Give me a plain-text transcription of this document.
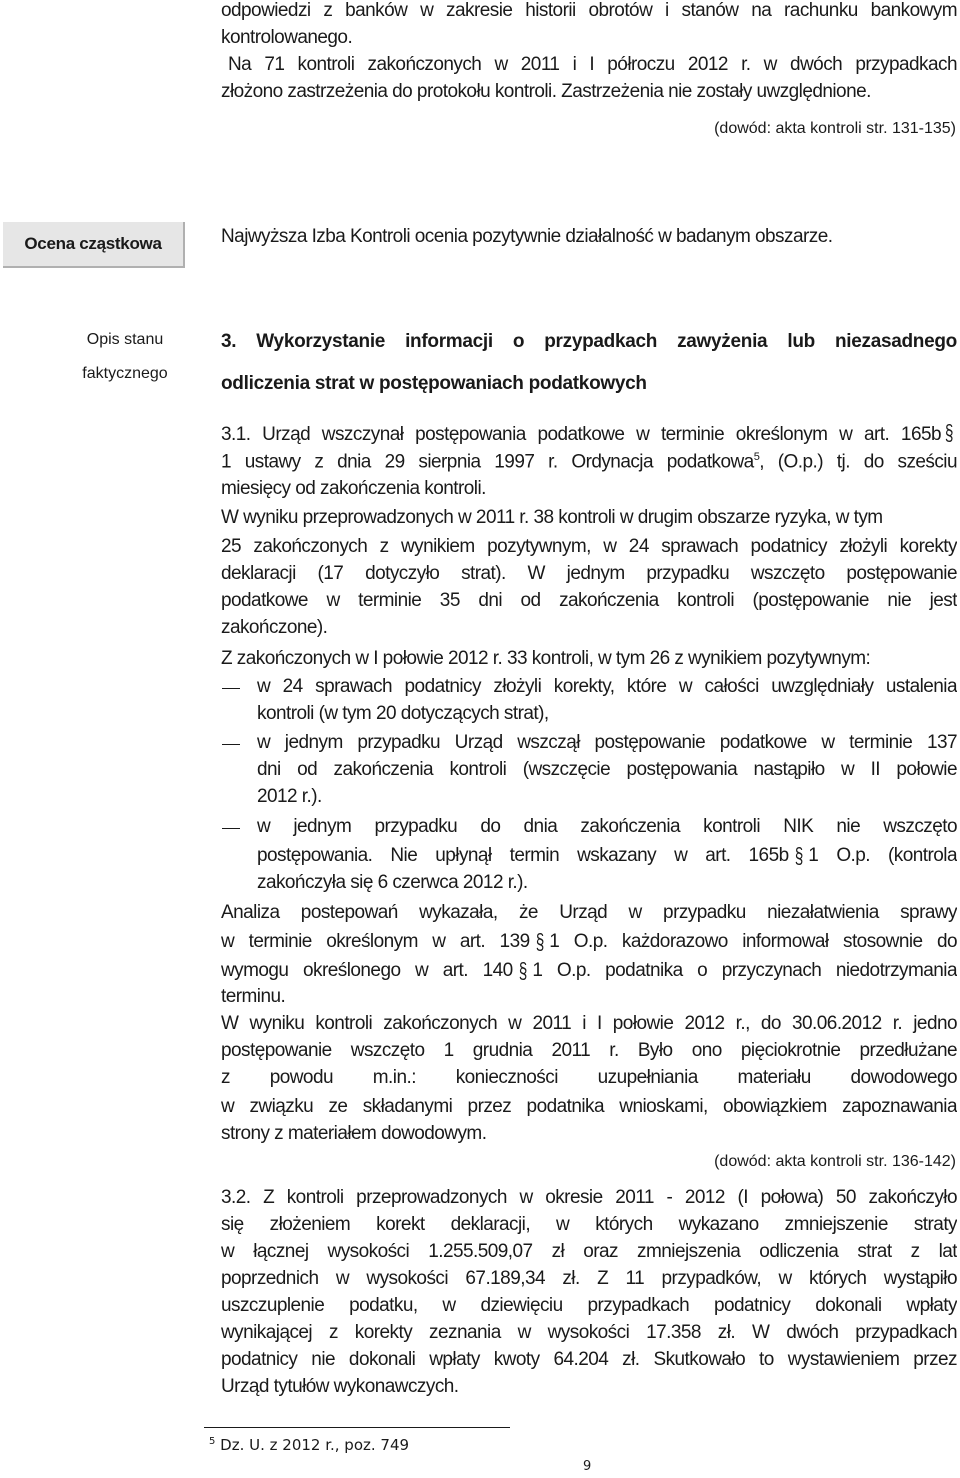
odpowiedzi z banków w zakresie historii obrotów i stanów na rachunku bankowym
kontrolowanego.
Na 71 kontroli zakończonych w 2011 i I półroczu 2012 r. w dwóch przypadkach
złożono zastrzeżenia do protokołu kontroli. Zastrzeżenia nie zostały uwzględnione.
(dowód: akta kontroli str. 131-135)
Ocena cząstkowa	Najwyższa Izba Kontroli ocenia pozytywnie działalność w badanym obszarze.
Opis stanu
faktycznego
3. Wykorzystanie informacji o przypadkach zawyżenia lub niezasadnego
odliczenia strat w postępowaniach podatkowych
3.1. Urząd wszczynał postępowania podatkowe w terminie określonym w art. 165b §
1 ustawy z dnia 29 sierpnia 1997 r. Ordynacja podatkowa$^5$, (O.p.) tj. do sześciu
miesięcy od zakończenia kontroli.
W wyniku przeprowadzonych w 2011 r. 38 kontroli w drugim obszarze ryzyka, w tym
25 zakończonych z wynikiem pozytywnym, w 24 sprawach podatnicy złożyli korekty
deklaracji (17 dotyczyło strat). W jednym przypadku wszczęto postępowanie
podatkowe w terminie 35 dni od zakończenia kontroli (postępowanie nie jest
zakończone).
Z zakończonych w I połowie 2012 r. 33 kontroli, w tym 26 z wynikiem pozytywnym:
w 24 sprawach podatnicy złożyli korekty, które w całości uwzględniały ustalenia
kontroli (w tym 20 dotyczących strat),
w jednym przypadku Urząd wszczął postępowanie podatkowe w terminie 137
dni od zakończenia kontroli (wszczęcie postępowania nastąpiło w II połowie
2012 r.).
w jednym przypadku do dnia zakończenia kontroli NIK nie wszczęto
postępowania. Nie upłynął termin wskazany w art. 165b § 1 O.p. (kontrola
zakończyła się 6 czerwca 2012 r.).
Analiza postepowań wykazała, że Urząd w przypadku niezałatwienia sprawy
w terminie określonym w art. 139 § 1 O.p. każdorazowo informował stosownie do
wymogu określonego w art. 140 § 1 O.p. podatnika o przyczynach niedotrzymania
terminu.
W wyniku kontroli zakończonych w 2011 i I połowie 2012 r., do 30.06.2012 r. jedno
postępowanie wszczęto 1 grudnia 2011 r. Było ono pięciokrotnie przedłużane
z powodu m.in.: konieczności uzupełniania materiału dowodowego
w związku ze składanymi przez podatnika wnioskami, obowiązkiem zapoznawania
strony z materiałem dowodowym.
(dowód: akta kontroli str. 136-142)
3.2. Z kontroli przeprowadzonych w okresie 2011 - 2012 (I połowa) 50 zakończyło
się złożeniem korekt deklaracji, w których wykazano zmniejszenie straty
w łącznej wysokości 1.255.509,07 zł oraz zmniejszenia odliczenia strat z lat
poprzednich w wysokości 67.189,34 zł. Z 11 przypadków, w których wystąpiło
uszczuplenie podatku, w dziewięciu przypadkach podatnicy dokonali wpłaty
wynikającej z korekty zeznania w wysokości 17.358 zł. W dwóch przypadkach
podatnicy nie dokonali wpłaty kwoty 64.204 zł. Skutkowało to wystawieniem przez
Urząd tytułów wykonawczych.
$^5$ Dz. U. z 2012 r., poz. 749
9
